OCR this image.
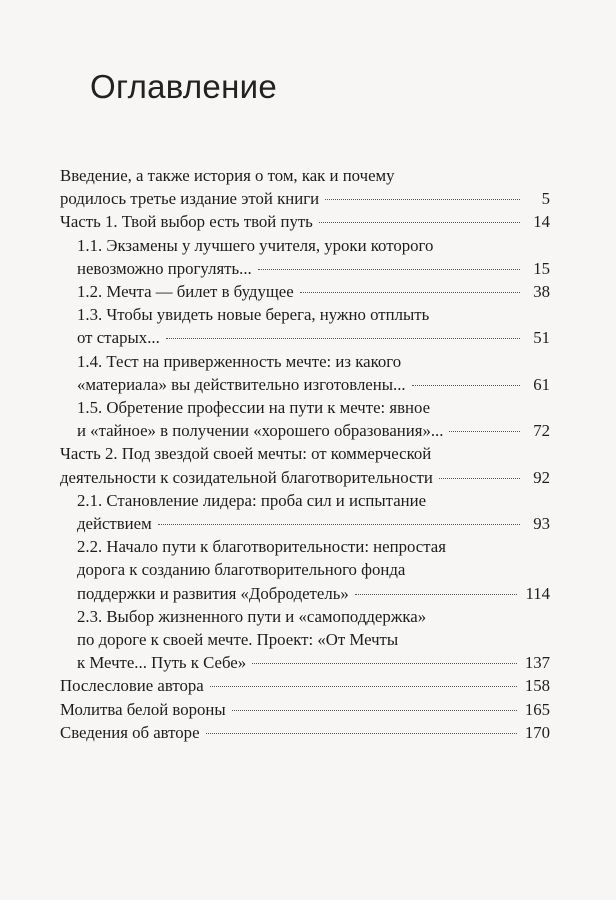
Оглавление
Введение, а также история о том, как и почему
родилось третье издание этой книги	5
Часть 1. Твой выбор есть твой путь	14
1.1. Экзамены у лучшего учителя, уроки которого
невозможно прогулять...	15
1.2. Мечта — билет в будущее	38
1.3. Чтобы увидеть новые берега, нужно отплыть
от старых...	51
1.4. Тест на приверженность мечте: из какого
«материала» вы действительно изготовлены...	61
1.5. Обретение профессии на пути к мечте: явное
и «тайное» в получении «хорошего образования»...	72
Часть 2. Под звездой своей мечты: от коммерческой
деятельности к созидательной благотворительности	92
2.1. Становление лидера: проба сил и испытание
действием	93
2.2. Начало пути к благотворительности: непростая
дорога к созданию благотворительного фонда
поддержки и развития «Добродетель»	114
2.3. Выбор жизненного пути и «самоподдержка»
по дороге к своей мечте. Проект: «От Мечты
к Мечте... Путь к Себе»	137
Послесловие автора	158
Молитва белой вороны	165
Сведения об авторе	170
